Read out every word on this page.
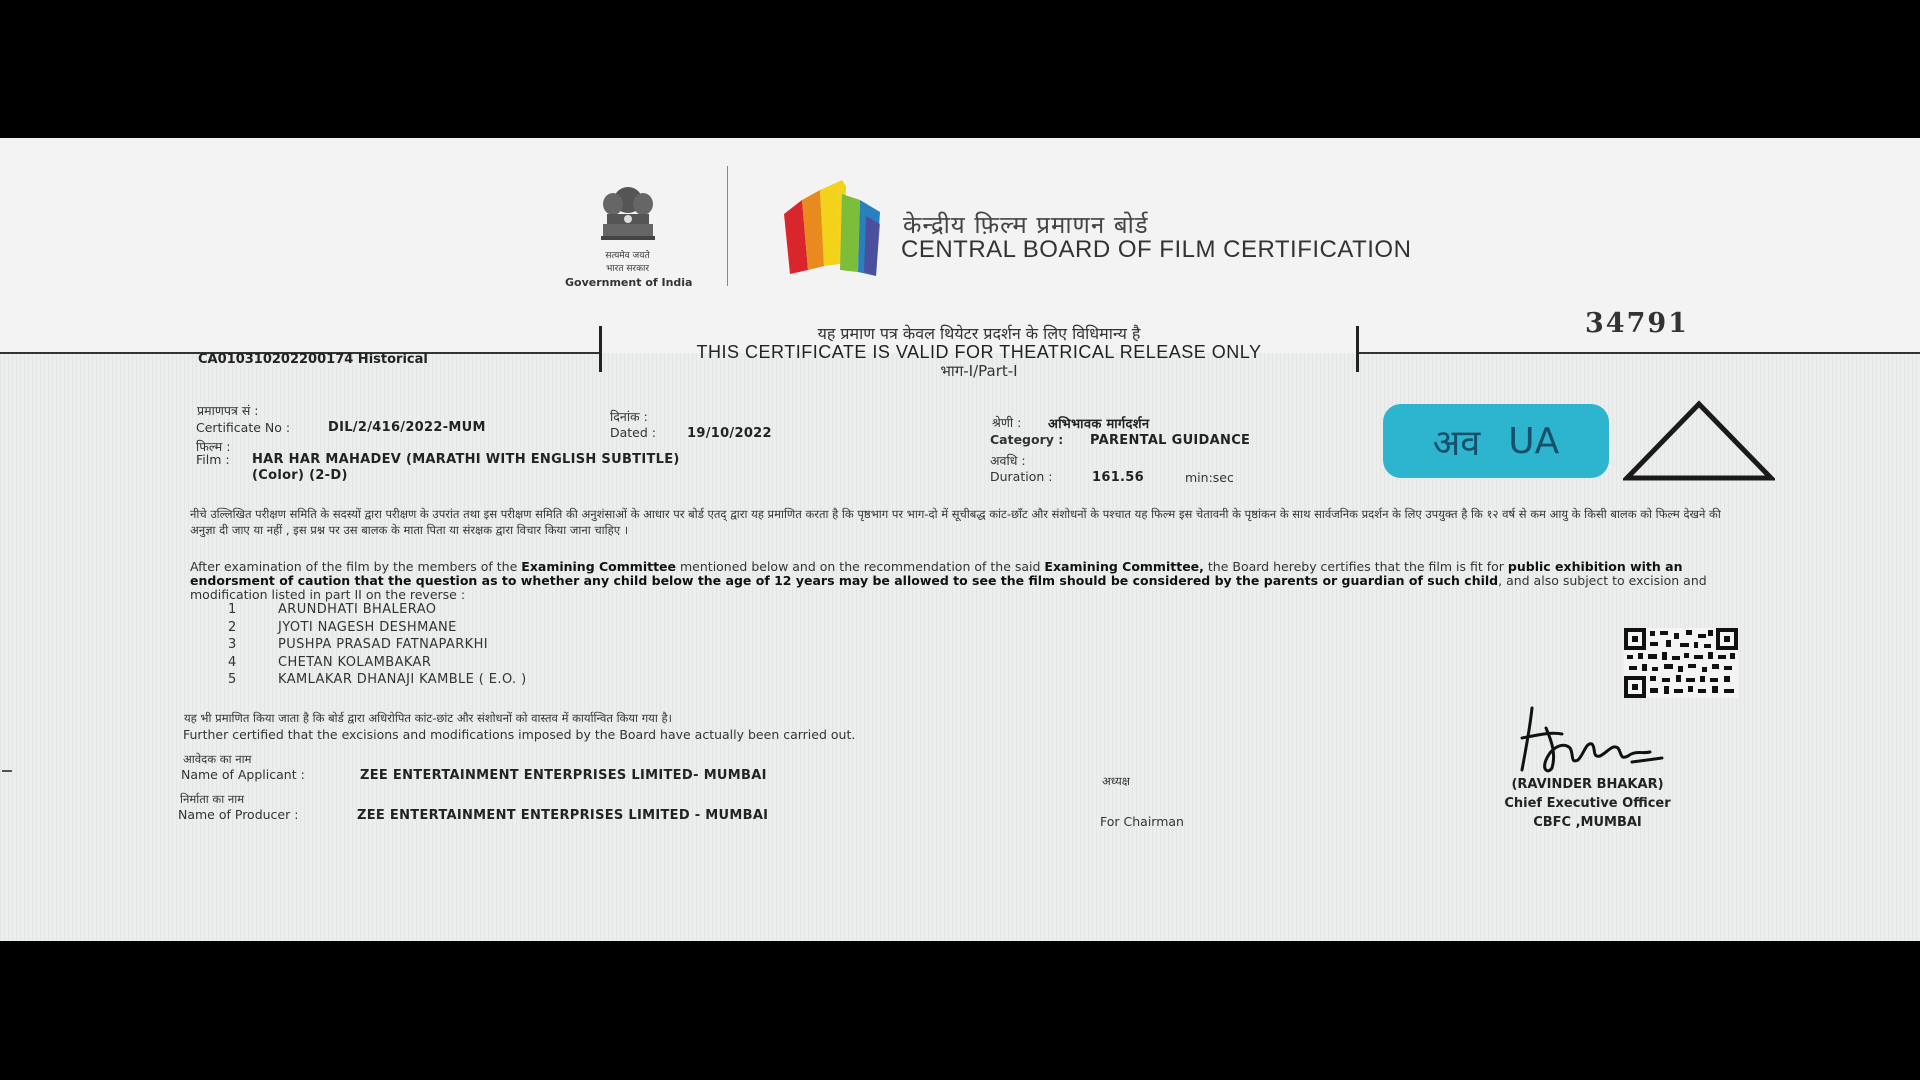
सत्यमेव जयते
भारत सरकार
Government of India
केन्द्रीय फ़िल्म प्रमाणन बोर्ड
CENTRAL BOARD OF FILM CERTIFICATION
यह प्रमाण पत्र केवल थियेटर प्रदर्शन के लिए विधिमान्य है
THIS CERTIFICATE IS VALID FOR THEATRICAL RELEASE ONLY
भाग-I/Part-I
34791
CA010310202200174 Historical
प्रमाणपत्र सं :
Certificate No :	DIL/2/416/2022-MUM
दिनांक :
Dated : 19/10/2022
फिल्म :
Film : HAR HAR MAHADEV (MARATHI WITH ENGLISH SUBTITLE)
(Color) (2-D)
श्रेणी : अभिभावक मार्गदर्शन
Category : PARENTAL GUIDANCE
अवधि :
Duration :	161.56	min:sec
अव UA
नीचे उल्लिखित परीक्षण समिति के सदस्यों द्वारा परीक्षण के उपरांत तथा इस परीक्षण समिति की अनुशंसाओं के आधार पर बोर्ड एतद् द्वारा यह प्रमाणित करता है कि पृष्ठभाग पर भाग-दो में सूचीबद्ध कांट-छाँट और संशोधनों के पश्चात यह फिल्म इस चेतावनी के पृष्ठांकन के साथ सार्वजनिक प्रदर्शन के लिए उपयुक्त है कि १२ वर्ष से कम आयु के किसी बालक को फिल्म देखने की अनुज्ञा दी जाए या नहीं , इस प्रश्न पर उस बालक के माता पिता या संरक्षक द्वारा विचार किया जाना चाहिए ।
After examination of the film by the members of the Examining Committee mentioned below and on the recommendation of the said Examining Committee, the Board hereby certifies that the film is fit for public exhibition with an endorsment of caution that the question as to whether any child below the age of 12 years may be allowed to see the film should be considered by the parents or guardian of such child, and also subject to excision and modification listed in part II on the reverse :
1	ARUNDHATI BHALERAO
2	JYOTI NAGESH DESHMANE
3	PUSHPA PRASAD FATNAPARKHI
4	CHETAN KOLAMBAKAR
5	KAMLAKAR DHANAJI KAMBLE ( E.O. )
यह भी प्रमाणित किया जाता है कि बोर्ड द्वारा अधिरोपित कांट-छांट और संशोधनों को वास्तव में कार्यान्वित किया गया है।
Further certified that the excisions and modifications imposed by the Board have actually been carried out.
आवेदक का नाम
Name of Applicant :	ZEE ENTERTAINMENT ENTERPRISES LIMITED- MUMBAI
निर्माता का नाम
Name of Producer :	ZEE ENTERTAINMENT ENTERPRISES LIMITED - MUMBAI
अध्यक्ष
For Chairman
(RAVINDER BHAKAR)
Chief Executive Officer
CBFC ,MUMBAI
